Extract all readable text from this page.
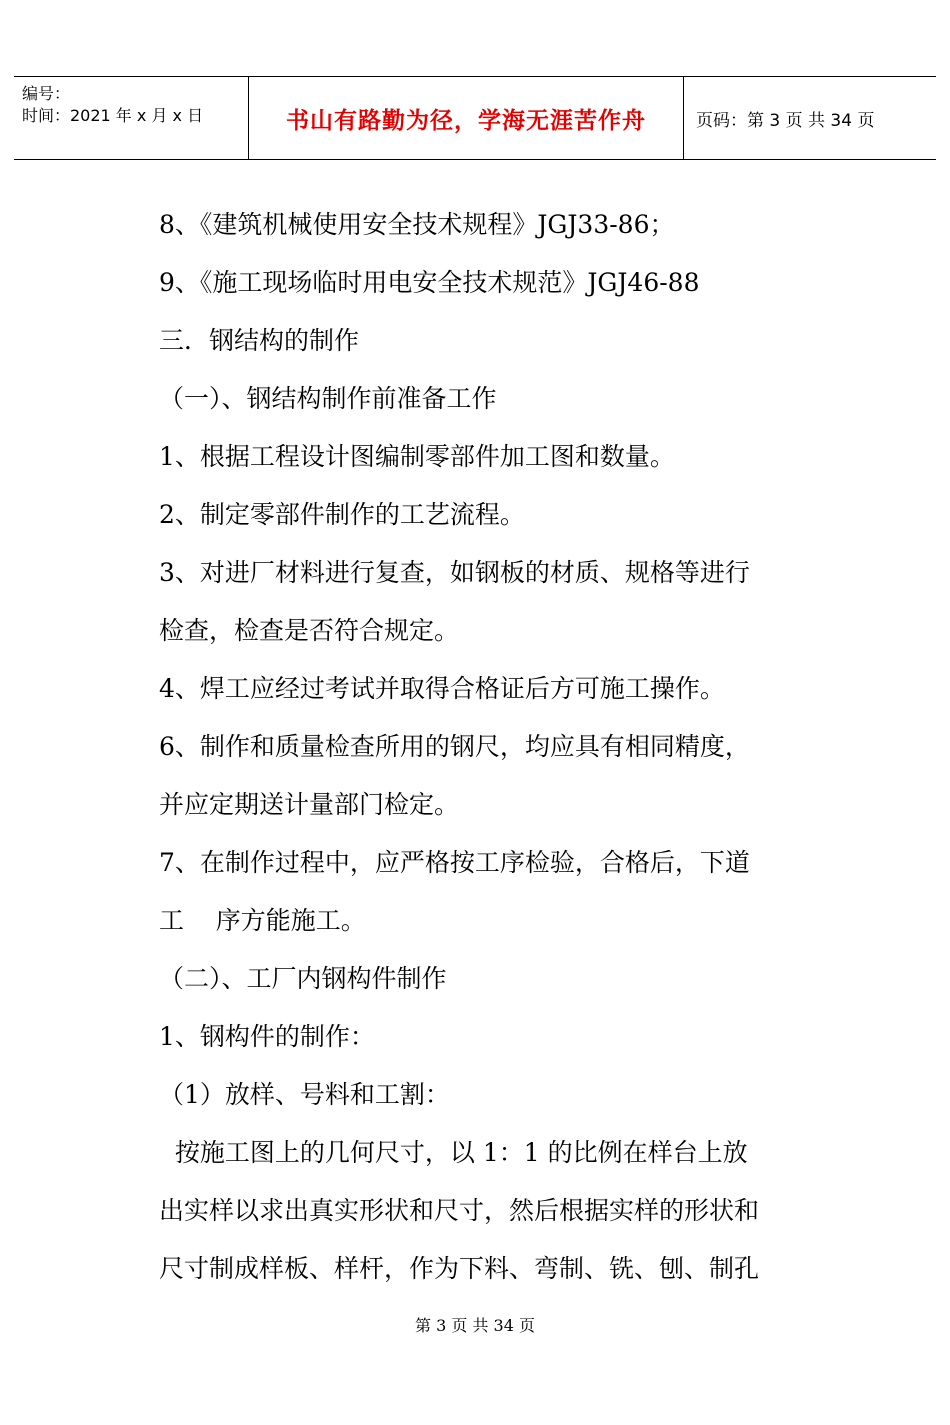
编号：
时间：2021 年 x 月 x 日	书山有路勤为径，学海无涯苦作舟	页码：第 3 页 共 34 页
8、《建筑机械使用安全技术规程》JGJ33-86；
9、《施工现场临时用电安全技术规范》JGJ46-88
三．钢结构的制作
（一）、钢结构制作前准备工作
1、根据工程设计图编制零部件加工图和数量。
2、制定零部件制作的工艺流程。
3、对进厂材料进行复查，如钢板的材质、规格等进行
检查，检查是否符合规定。
4、焊工应经过考试并取得合格证后方可施工操作。
6、制作和质量检查所用的钢尺，均应具有相同精度，
并应定期送计量部门检定。
7、在制作过程中，应严格按工序检验，合格后，下道
工    序方能施工。
（二）、工厂内钢构件制作
1、钢构件的制作：
（1）放样、号料和工割：
按施工图上的几何尺寸，以 1：1 的比例在样台上放
出实样以求出真实形状和尺寸，然后根据实样的形状和
尺寸制成样板、样杆，作为下料、弯制、铣、刨、制孔
第 3 页 共 34 页
